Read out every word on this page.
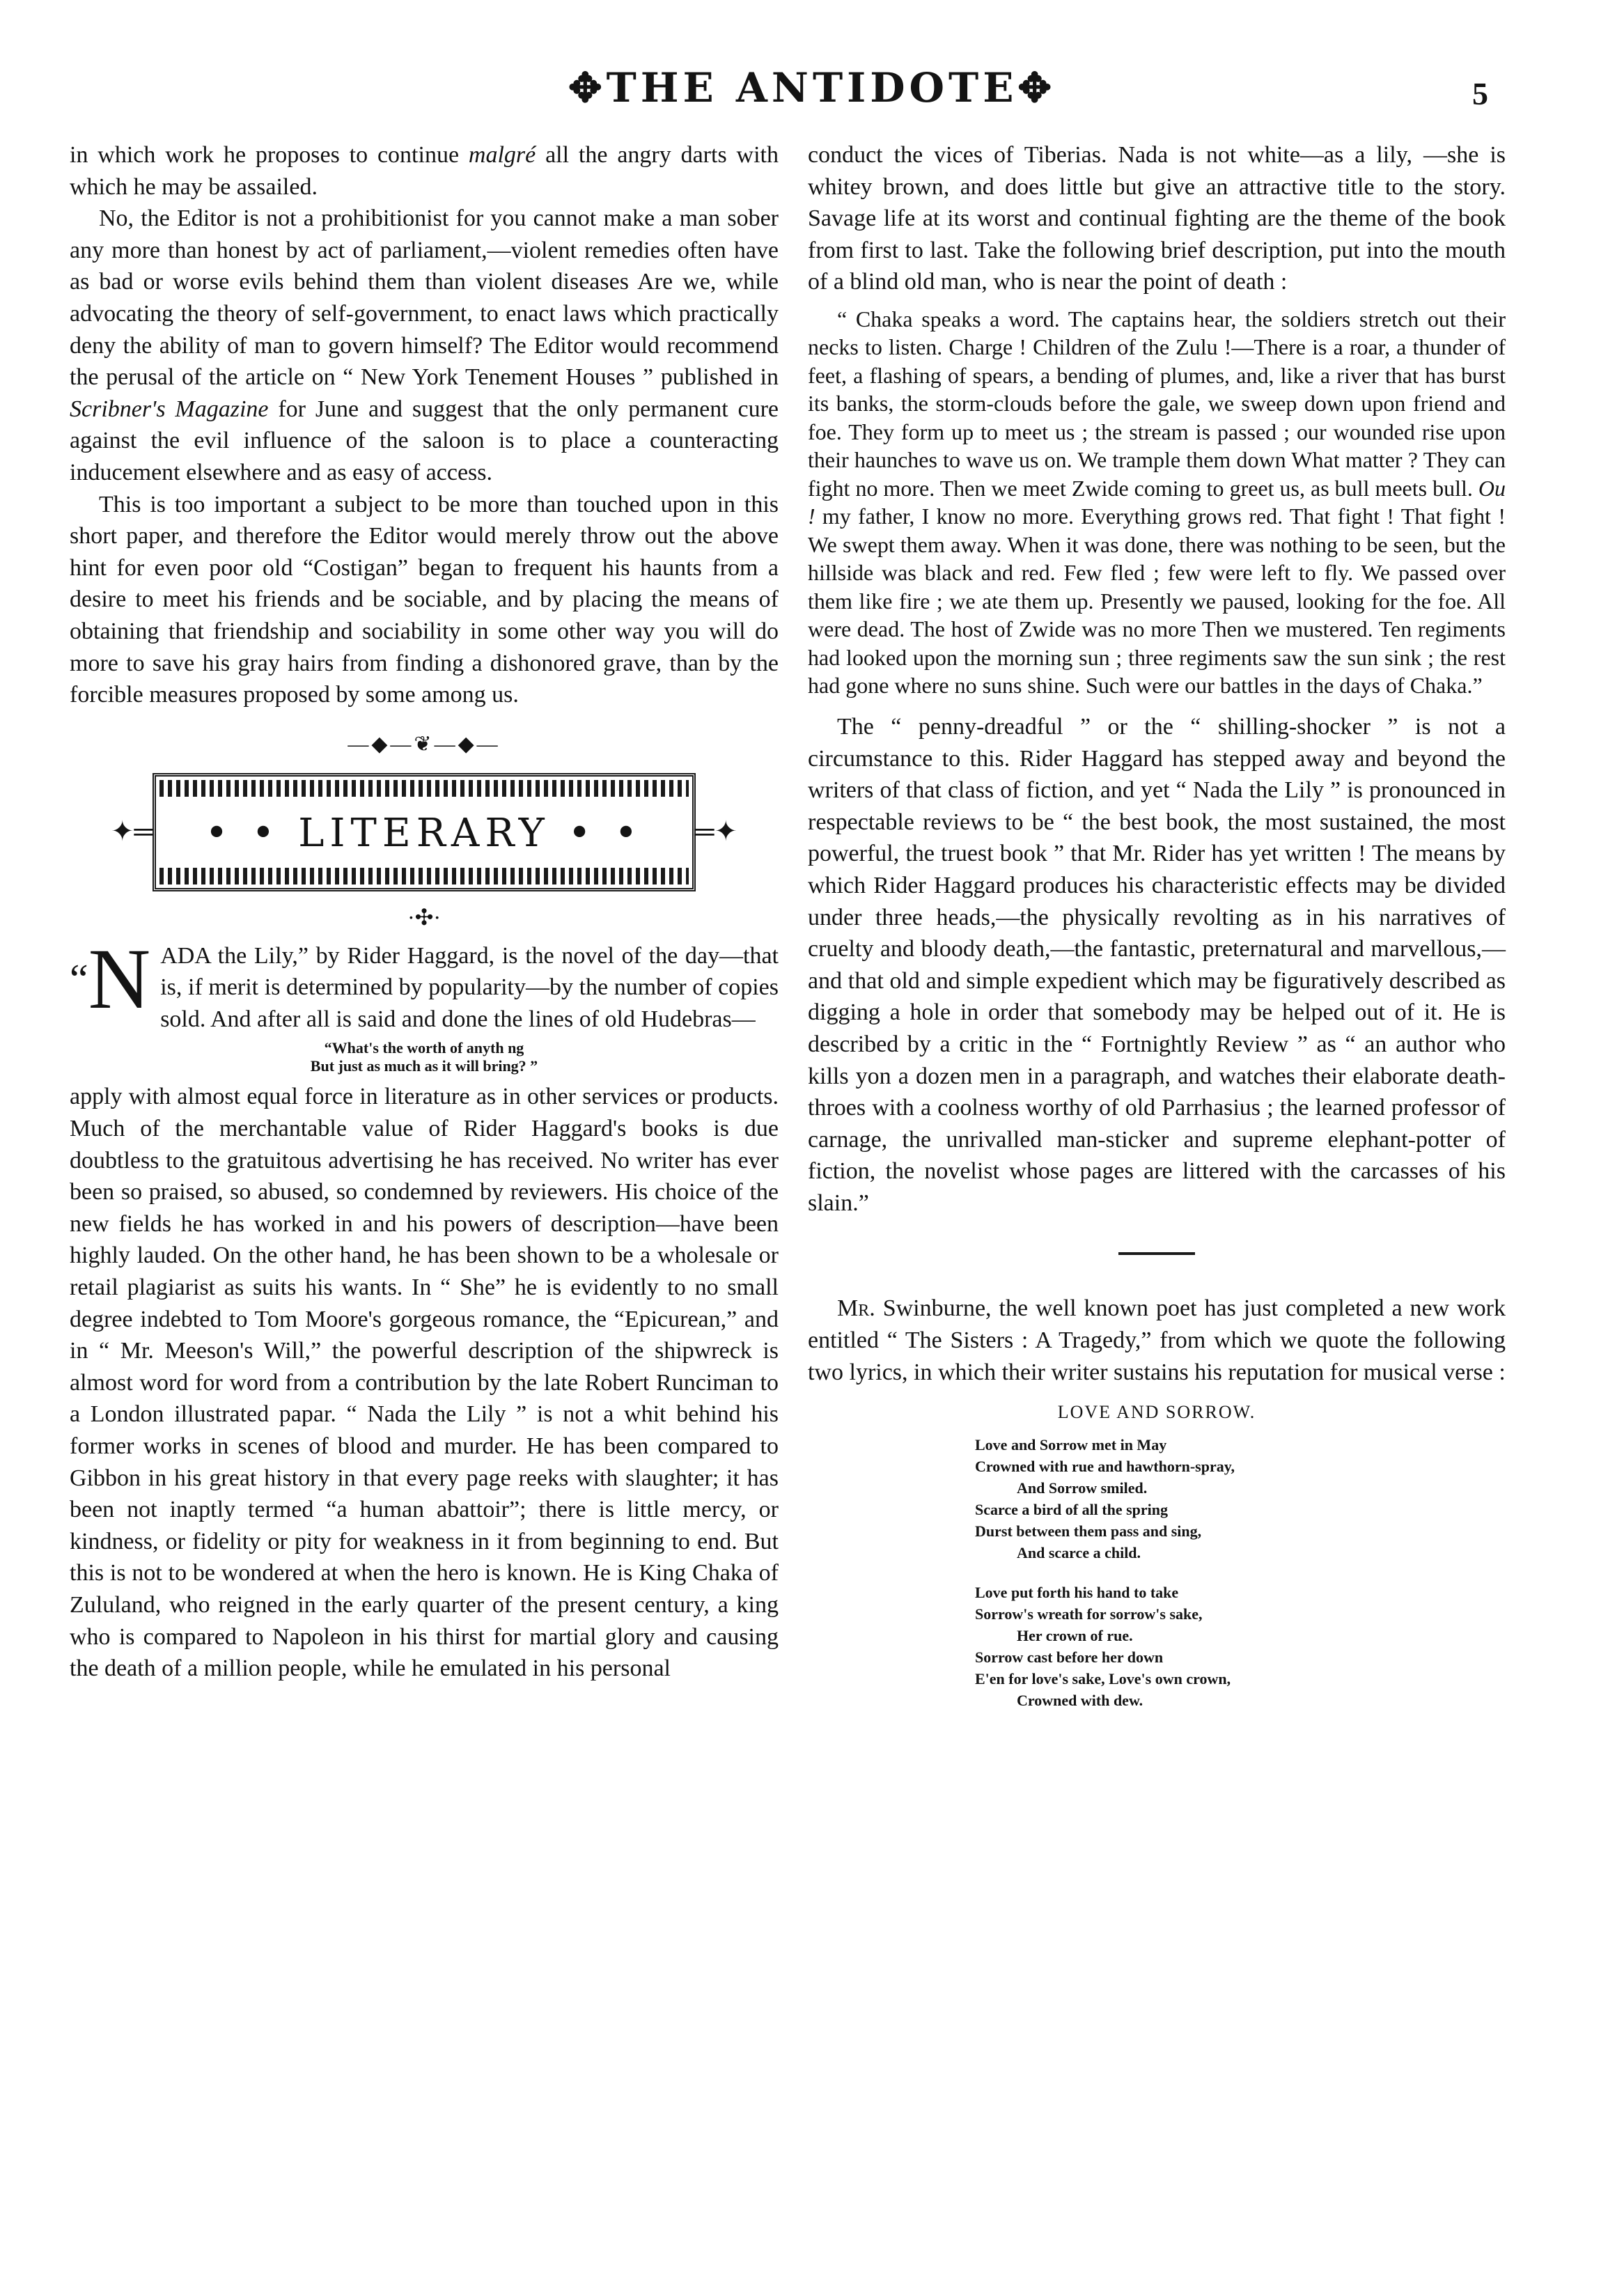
✥THE ANTIDOTE✥	5

in which work he proposes to continue malgré all the angry darts with which he may be assailed.

No, the Editor is not a prohibitionist for you cannot make a man sober any more than honest by act of parliament,—violent remedies often have as bad or worse evils behind them than violent diseases Are we, while advocating the theory of self-government, to enact laws which practically deny the ability of man to govern himself? The Editor would recommend the perusal of the article on “ New York Tenement Houses ” published in Scribner's Magazine for June and suggest that the only permanent cure against the evil influence of the saloon is to place a counteracting inducement elsewhere and as easy of access.

This is too important a subject to be more than touched upon in this short paper, and therefore the Editor would merely throw out the above hint for even poor old “Costigan” began to frequent his haunts from a desire to meet his friends and be sociable, and by placing the means of obtaining that friendship and sociability in some other way you will do more to save his gray hairs from finding a dishonored grave, than by the forcible measures proposed by some among us.

—◆—❦—◆—
✦═	• • LITERARY • •	═✦
·✣·
“N ADA the Lily,” by Rider Haggard, is the novel of the day—that is, if merit is determined by popularity—by the number of copies sold. And after all is said and done the lines of old Hudebras—

“What's the worth of anyth ng
But just as much as it will bring? ”

apply with almost equal force in literature as in other services or products. Much of the merchantable value of Rider Haggard's books is due doubtless to the gratuitous advertising he has received. No writer has ever been so praised, so abused, so condemned by reviewers. His choice of the new fields he has worked in and his powers of description—have been highly lauded. On the other hand, he has been shown to be a wholesale or retail plagiarist as suits his wants. In “ She” he is evidently to no small degree indebted to Tom Moore's gorgeous romance, the “Epicurean,” and in “ Mr. Meeson's Will,” the powerful description of the shipwreck is almost word for word from a contribution by the late Robert Runciman to a London illustrated papar. “ Nada the Lily ” is not a whit behind his former works in scenes of blood and murder. He has been compared to Gibbon in his great history in that every page reeks with slaughter; it has been not inaptly termed “a human abattoir”; there is little mercy, or kindness, or fidelity or pity for weakness in it from beginning to end. But this is not to be wondered at when the hero is known. He is King Chaka of Zululand, who reigned in the early quarter of the present century, a king who is compared to Napoleon in his thirst for martial glory and causing the death of a million people, while he emulated in his personal

conduct the vices of Tiberias. Nada is not white—as a lily, —she is whitey brown, and does little but give an attractive title to the story. Savage life at its worst and continual fighting are the theme of the book from first to last. Take the following brief description, put into the mouth of a blind old man, who is near the point of death :

“ Chaka speaks a word. The captains hear, the soldiers stretch out their necks to listen. Charge ! Children of the Zulu !—There is a roar, a thunder of feet, a flashing of spears, a bending of plumes, and, like a river that has burst its banks, the storm-clouds before the gale, we sweep down upon friend and foe. They form up to meet us ; the stream is passed ; our wounded rise upon their haunches to wave us on. We trample them down What matter ? They can fight no more. Then we meet Zwide coming to greet us, as bull meets bull. Ou ! my father, I know no more. Everything grows red. That fight ! That fight ! We swept them away. When it was done, there was nothing to be seen, but the hillside was black and red. Few fled ; few were left to fly. We passed over them like fire ; we ate them up. Presently we paused, looking for the foe. All were dead. The host of Zwide was no more Then we mustered. Ten regiments had looked upon the morning sun ; three regiments saw the sun sink ; the rest had gone where no suns shine. Such were our battles in the days of Chaka.”

The “ penny-dreadful ” or the “ shilling-shocker ” is not a circumstance to this. Rider Haggard has stepped away and beyond the writers of that class of fiction, and yet “ Nada the Lily ” is pronounced in respectable reviews to be “ the best book, the most sustained, the most powerful, the truest book ” that Mr. Rider has yet written ! The means by which Rider Haggard produces his characteristic effects may be divided under three heads,—the physically revolting as in his narratives of cruelty and bloody death,—the fantastic, preternatural and marvellous,—and that old and simple expedient which may be figuratively described as digging a hole in order that somebody may be helped out of it. He is described by a critic in the “ Fortnightly Review ” as “ an author who kills yon a dozen men in a paragraph, and watches their elaborate death-throes with a coolness worthy of old Parrhasius ; the learned professor of carnage, the unrivalled man-sticker and supreme elephant-potter of fiction, the novelist whose pages are littered with the carcasses of his slain.”

Mr. Swinburne, the well known poet has just completed a new work entitled “ The Sisters : A Tragedy,” from which we quote the following two lyrics, in which their writer sustains his reputation for musical verse :

LOVE AND SORROW.
Love and Sorrow met in May
Crowned with rue and hawthorn-spray,
And Sorrow smiled.
Scarce a bird of all the spring
Durst between them pass and sing,
And scarce a child.
Love put forth his hand to take
Sorrow's wreath for sorrow's sake,
Her crown of rue.
Sorrow cast before her down
E'en for love's sake, Love's own crown,
Crowned with dew.
